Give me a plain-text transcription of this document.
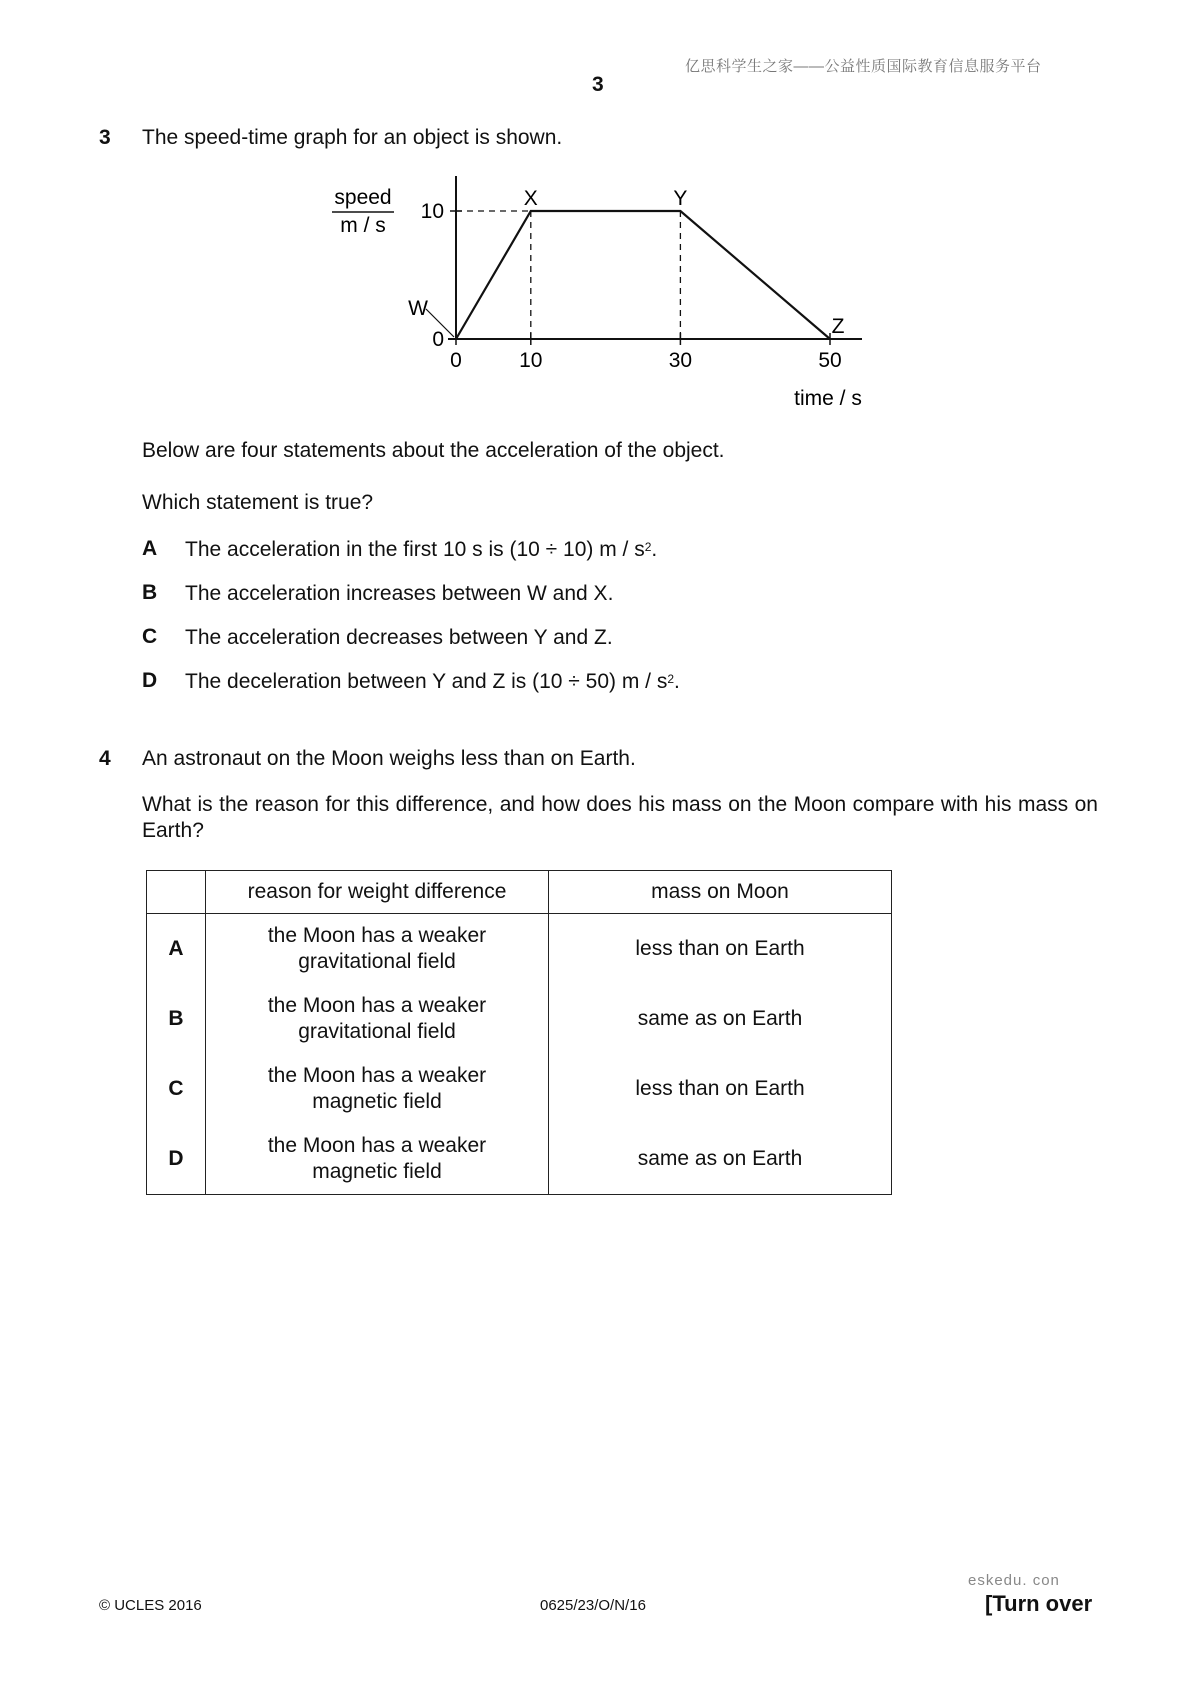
亿思科学生之家——公益性质国际教育信息服务平台
3
3 The speed-time graph for an object is shown.
speed
m / s
time / s
0	10	30	50
0
10
W
X	Y
Z
Below are four statements about the acceleration of the object.
Which statement is true?
A The acceleration in the first 10 s is (10 ÷ 10) m / $s^2$.
B The acceleration increases between W and X.
C The acceleration decreases between Y and Z.
D The deceleration between Y and Z is (10 ÷ 50) m / $s^2$.
4 An astronaut on the Moon weighs less than on Earth.
What is the reason for this difference, and how does his mass on the Moon compare with his mass on Earth?
	reason for weight difference	mass on Moon
A	the Moon has a weaker
gravitational field	less than on Earth
B	the Moon has a weaker
gravitational field	same as on Earth
C	the Moon has a weaker
magnetic field	less than on Earth
D	the Moon has a weaker
magnetic field	same as on Earth
eskedu. con
© UCLES 2016	0625/23/O/N/16	[Turn over
